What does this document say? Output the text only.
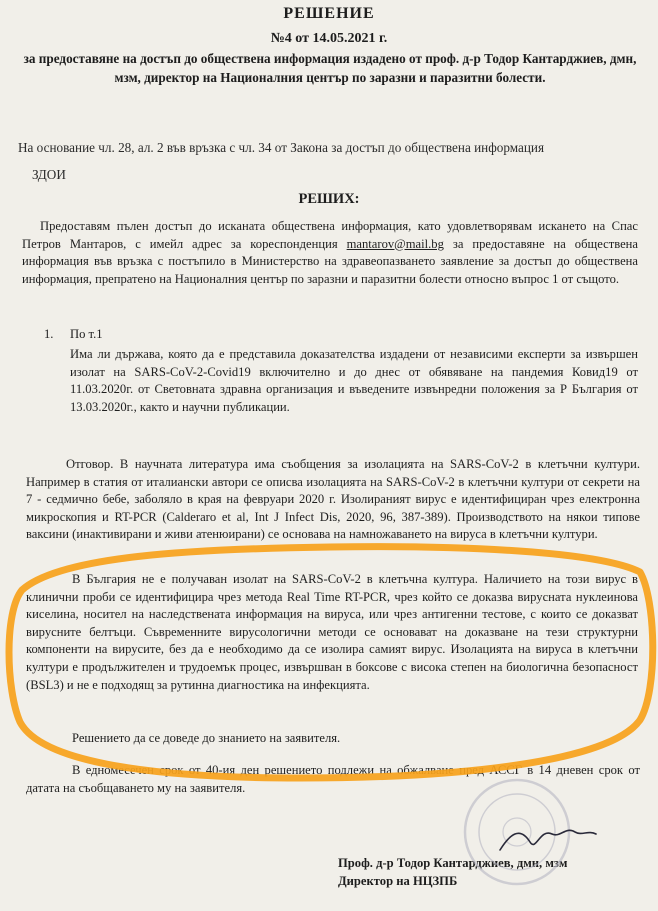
РЕШЕНИЕ
№4 от 14.05.2021 г.
за предоставяне на достъп до обществена информация издадено от проф. д-р Тодор Кантарджиев, дмн, мзм, директор на Националния център по заразни и паразитни болести.
На основание чл. 28, ал. 2 във връзка с чл. 34 от Закона за достъп до обществена информация
ЗДОИ
РЕШИХ:
Предоставям пълен достъп до исканата обществена информация, като удовлетворявам искането на Спас Петров Мантаров, с имейл адрес за кореспонденция mantarov@mail.bg за предоставяне на обществена информация във връзка с постъпило в Министерство на здравеопазването заявление за достъп до обществена информация, препратено на Националния център по заразни и паразитни болести относно въпрос 1 от същото.
1. По т.1
Има ли държава, която да е представила доказателства издадени от независими експерти за извършен изолат на SARS-CoV-2-Covid19 включително и до днес от обявяване на пандемия Ковид19 от 11.03.2020г. от Световната здравна организация и въведените извънредни положения за Р България от 13.03.2020г., както и научни публикации.
Отговор. В научната литература има съобщения за изолацията на SARS-CoV-2 в клетъчни култури. Например в статия от италиански автори се описва изолацията на SARS-CoV-2 в клетъчни култури от секрети на 7 - седмично бебе, заболяло в края на февруари 2020 г. Изолираният вирус е идентифициран чрез електронна микроскопия и RT-PCR (Calderaro et al, Int J Infect Dis, 2020, 96, 387-389). Производството на някои типове ваксини (инактивирани и живи атенюирани) се основава на намножаването на вируса в клетъчни култури.
В България не е получаван изолат на SARS-CoV-2 в клетъчна култура. Наличието на този вирус в клинични проби се идентифицира чрез метода Real Time RT-PCR, чрез който се доказва вирусната нуклеинова киселина, носител на наследствената информация на вируса, или чрез антигенни тестове, с които се доказват вирусните белтъци. Съвременните вирусологични методи се основават на доказване на тези структурни компоненти на вирусите, без да е необходимо да се изолира самият вирус. Изолацията на вируса в клетъчни култури е продължителен и трудоемък процес, извършван в боксове с висока степен на биологична безопасност (BSL3) и не е подходящ за рутинна диагностика на инфекцията.
Решението да се доведе до знанието на заявителя.
В едномесечен срок от 40-ия ден решението подлежи на обжалване пред АССГ в 14 дневен срок от датата на съобщаването му на заявителя.
Проф. д-р Тодор Кантарджиев, дмн, мзм
Директор на НЦЗПБ
